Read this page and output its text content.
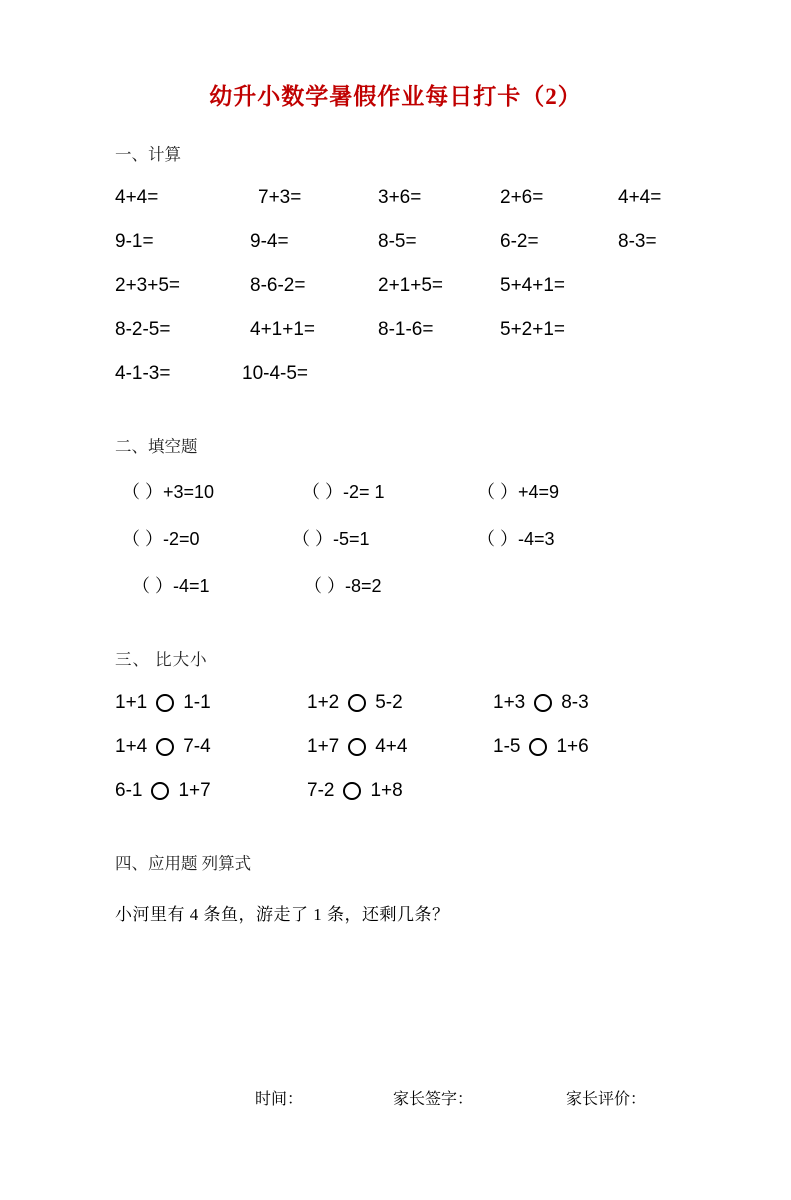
幼升小数学暑假作业每日打卡（2）
一、计算
4+4=	7+3=	3+6=	2+6=	4+4=
9-1=	9-4=	8-5=	6-2=	8-3=
2+3+5=	8-6-2=	2+1+5=	5+4+1=
8-2-5=	4+1+1=	8-1-6=	5+2+1=
4-1-3=	10-4-5=
二、填空题
（ ）+3=10	（ ）-2= 1	（ ）+4=9
（ ）-2=0	（ ）-5=1	（ ）-4=3
（ ）-4=1	（ ）-8=2
三、 比大小
1+1 1-1	1+2 5-2	1+3 8-3
1+4 7-4	1+7 4+4	1-5 1+6
6-1 1+7	7-2 1+8
四、应用题 列算式
小河里有 4 条鱼，游走了 1 条，还剩几条？
时间：	家长签字：	家长评价：
